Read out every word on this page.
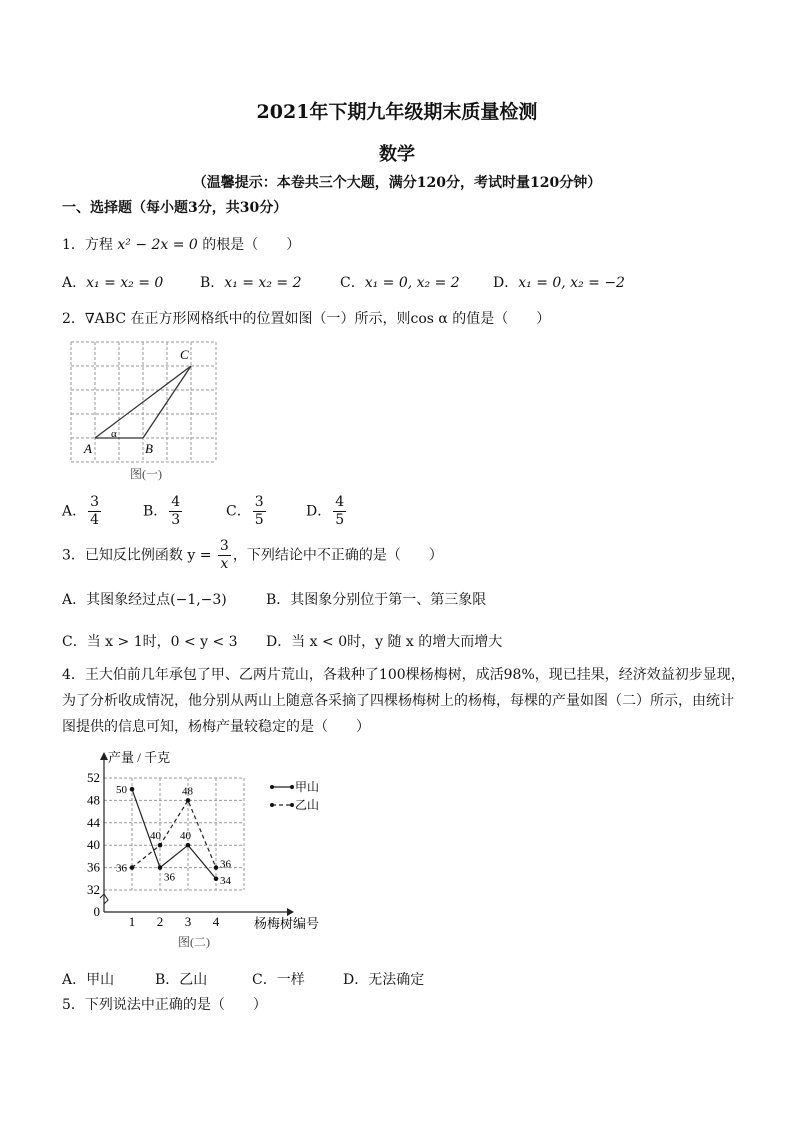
2021年下期九年级期末质量检测
数学
（温馨提示：本卷共三个大题，满分120分，考试时量120分钟）
一、选择题（每小题3分，共30分）
1．方程 x² − 2x = 0 的根是（　　）
A．x₁ = x₂ = 0	B．x₁ = x₂ = 2	C．x₁ = 0, x₂ = 2 D．x₁ = 0, x₂ = −2
2．∇ABC 在正方形网格纸中的位置如图（一）所示，则cos α 的值是（　　）
A	B
C
α
图(一)
A． $\frac{3}{4}$	B． $\frac{4}{3}$	C． $\frac{3}{5}$	D． $\frac{4}{5}$
3．已知反比例函数 $y = \frac{3}{x}$ ，下列结论中不正确的是（　　）
A．其图象经过点(−1,−3)	B．其图象分别位于第一、第三象限
C．当 x > 1时，0 < y < 3 D．当 x < 0时，y 随 x 的增大而增大
4．王大伯前几年承包了甲、乙两片荒山，各栽种了100棵杨梅树，成活98%，现已挂果，经济效益初步显现，
为了分析收成情况，他分别从两山上随意各采摘了四棵杨梅树上的杨梅，每棵的产量如图（二）所示，由统计
图提供的信息可知，杨梅产量较稳定的是（　　）
0
32
36
40
44
48
52
1 2 3 4
产量 / 千克
杨梅树编号
图(二)
50
36
40
34
36
40
48
36
甲山
乙山
A．甲山	B．乙山	C．一样	D．无法确定
5．下列说法中正确的是（　　）
